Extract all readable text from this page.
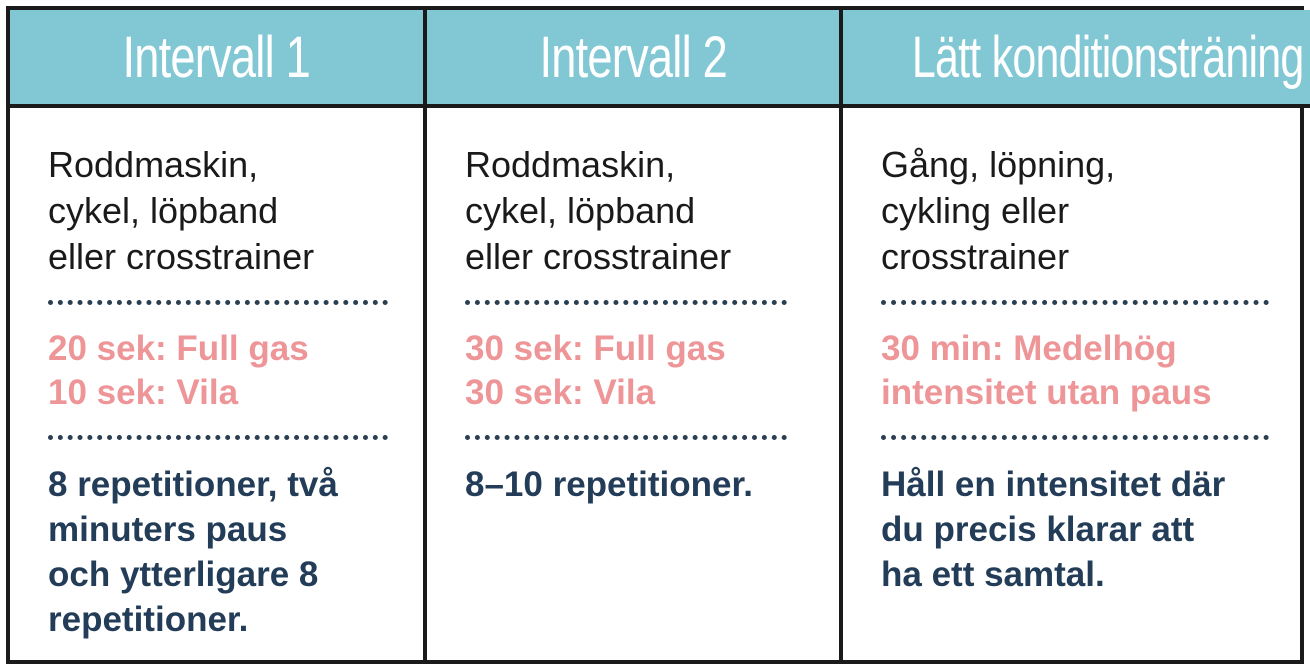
Intervall 1

Roddmaskin,
cykel, löpband
eller crosstrainer

20 sek: Full gas
10 sek: Vila

8 repetitioner, två
minuters paus
och ytterligare 8
repetitioner.

Intervall 2

Roddmaskin,
cykel, löpband
eller crosstrainer

30 sek: Full gas
30 sek: Vila

8–10 repetitioner.

Lätt konditionsträning

Gång, löpning,
cykling eller
crosstrainer

30 min: Medelhög
intensitet utan paus

Håll en intensitet där
du precis klarar att
ha ett samtal.
